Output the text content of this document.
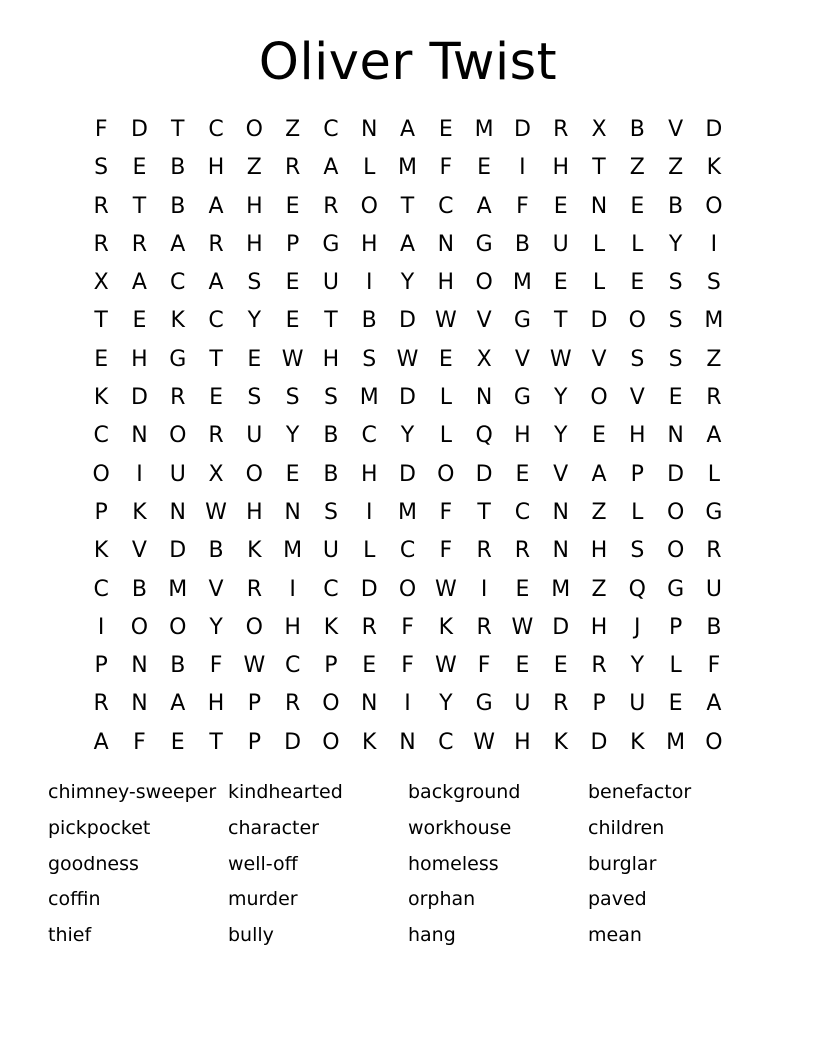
Oliver Twist
F	D	T	C O	Z	C	N	A	E M D	R	X	B	V	D
S	E	B	H	Z	R	A	L	M	F	E	I	H	T	Z	Z	K
R	T	B	A	H	E	R O	T	C	A	F	E	N	E	B	O
R	R	A	R	H	P	G H	A	N G	B	U	L	L	Y	I
X	A	C	A	S	E	U	I	Y	H O M E	L	E	S	S
T	E	K	C	Y	E	T	B	D W V	G	T	D O	S M
E	H G	T	E W H	S W E	X	V W V	S	S	Z
K	D	R	E	S	S	S M D	L	N G	Y	O	V	E	R
C	N O R	U	Y	B	C	Y	L	Q H	Y	E	H N	A
O	I	U	X	O	E	B	H D O D	E	V	A	P	D	L
P	K	N W H N	S	I	M	F	T	C	N	Z	L	O G
K	V	D	B	K M U	L	C	F	R	R	N H	S	O R
C	B M V	R	I	C	D O W	I	E M Z	Q G U
I	O O	Y	O H	K	R	F	K	R W D H	J	P	B
P	N	B	F W C	P	E	F W F	E	E	R	Y	L	F
R	N	A	H	P	R O N	I	Y	G U	R	P	U	E	A
A	F	E	T	P	D O	K	N	C W H	K	D	K M O
chimney-sweeper kindhearted	background	benefactor
pickpocket	character	workhouse	children
goodness	well-off	homeless	burglar
coffin	murder	orphan	paved
thief	bully	hang	mean
